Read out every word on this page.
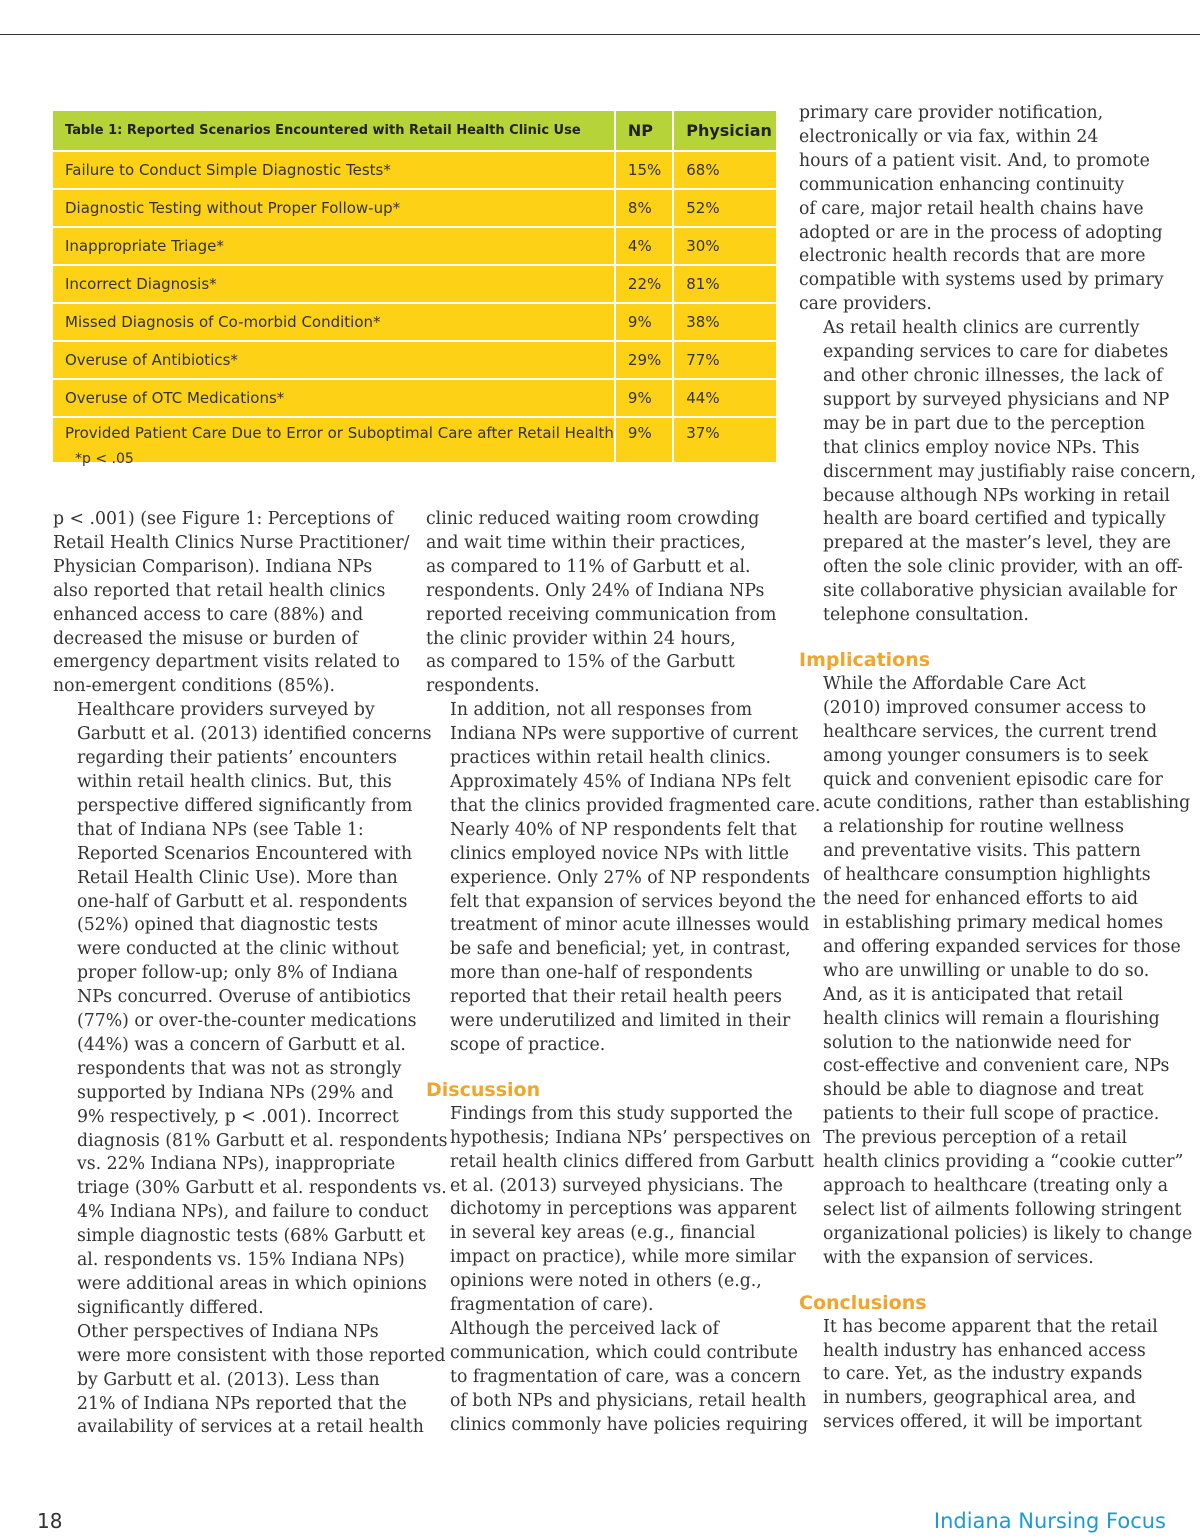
Table 1: Reported Scenarios Encountered with Retail Health Clinic Use	NP	Physician
Failure to Conduct Simple Diagnostic Tests*	15%	68%
Diagnostic Testing without Proper Follow-up*	8%	52%
Inappropriate Triage*	4%	30%
Incorrect Diagnosis*	22%	81%
Missed Diagnosis of Co-morbid Condition*	9%	38%
Overuse of Antibiotics*	29%	77%
Overuse of OTC Medications*	9%	44%
Provided Patient Care Due to Error or Suboptimal Care after Retail Health	9%	37%
*p < .05

p < .001) (see Figure 1: Perceptions of
Retail Health Clinics Nurse Practitioner/
Physician Comparison). Indiana NPs
also reported that retail health clinics
enhanced access to care (88%) and
decreased the misuse or burden of
emergency department visits related to
non-emergent conditions (85%).

Healthcare providers surveyed by
Garbutt et al. (2013) identified concerns
regarding their patients’ encounters
within retail health clinics. But, this
perspective differed significantly from
that of Indiana NPs (see Table 1:
Reported Scenarios Encountered with
Retail Health Clinic Use). More than
one-half of Garbutt et al. respondents
(52%) opined that diagnostic tests
were conducted at the clinic without
proper follow-up; only 8% of Indiana
NPs concurred. Overuse of antibiotics
(77%) or over-the-counter medications
(44%) was a concern of Garbutt et al.
respondents that was not as strongly
supported by Indiana NPs (29% and
9% respectively, p < .001). Incorrect
diagnosis (81% Garbutt et al. respondents
vs. 22% Indiana NPs), inappropriate
triage (30% Garbutt et al. respondents vs.
4% Indiana NPs), and failure to conduct
simple diagnostic tests (68% Garbutt et
al. respondents vs. 15% Indiana NPs)
were additional areas in which opinions
significantly differed.

Other perspectives of Indiana NPs
were more consistent with those reported
by Garbutt et al. (2013). Less than
21% of Indiana NPs reported that the
availability of services at a retail health

clinic reduced waiting room crowding
and wait time within their practices,
as compared to 11% of Garbutt et al.
respondents. Only 24% of Indiana NPs
reported receiving communication from
the clinic provider within 24 hours,
as compared to 15% of the Garbutt
respondents.

In addition, not all responses from
Indiana NPs were supportive of current
practices within retail health clinics.
Approximately 45% of Indiana NPs felt
that the clinics provided fragmented care.
Nearly 40% of NP respondents felt that
clinics employed novice NPs with little
experience. Only 27% of NP respondents
felt that expansion of services beyond the
treatment of minor acute illnesses would
be safe and beneficial; yet, in contrast,
more than one-half of respondents
reported that their retail health peers
were underutilized and limited in their
scope of practice.

Discussion

Findings from this study supported the
hypothesis; Indiana NPs’ perspectives on
retail health clinics differed from Garbutt
et al. (2013) surveyed physicians. The
dichotomy in perceptions was apparent
in several key areas (e.g., financial
impact on practice), while more similar
opinions were noted in others (e.g.,
fragmentation of care).

Although the perceived lack of
communication, which could contribute
to fragmentation of care, was a concern
of both NPs and physicians, retail health
clinics commonly have policies requiring

primary care provider notification,
electronically or via fax, within 24
hours of a patient visit. And, to promote
communication enhancing continuity
of care, major retail health chains have
adopted or are in the process of adopting
electronic health records that are more
compatible with systems used by primary
care providers.

As retail health clinics are currently
expanding services to care for diabetes
and other chronic illnesses, the lack of
support by surveyed physicians and NP
may be in part due to the perception
that clinics employ novice NPs. This
discernment may justifiably raise concern,
because although NPs working in retail
health are board certified and typically
prepared at the master’s level, they are
often the sole clinic provider, with an off-
site collaborative physician available for
telephone consultation.

Implications

While the Affordable Care Act
(2010) improved consumer access to
healthcare services, the current trend
among younger consumers is to seek
quick and convenient episodic care for
acute conditions, rather than establishing
a relationship for routine wellness
and preventative visits. This pattern
of healthcare consumption highlights
the need for enhanced efforts to aid
in establishing primary medical homes
and offering expanded services for those
who are unwilling or unable to do so.
And, as it is anticipated that retail
health clinics will remain a flourishing
solution to the nationwide need for
cost-effective and convenient care, NPs
should be able to diagnose and treat
patients to their full scope of practice.
The previous perception of a retail
health clinics providing a “cookie cutter”
approach to healthcare (treating only a
select list of ailments following stringent
organizational policies) is likely to change
with the expansion of services.

Conclusions

It has become apparent that the retail
health industry has enhanced access
to care. Yet, as the industry expands
in numbers, geographical area, and
services offered, it will be important

18	Indiana Nursing Focus
